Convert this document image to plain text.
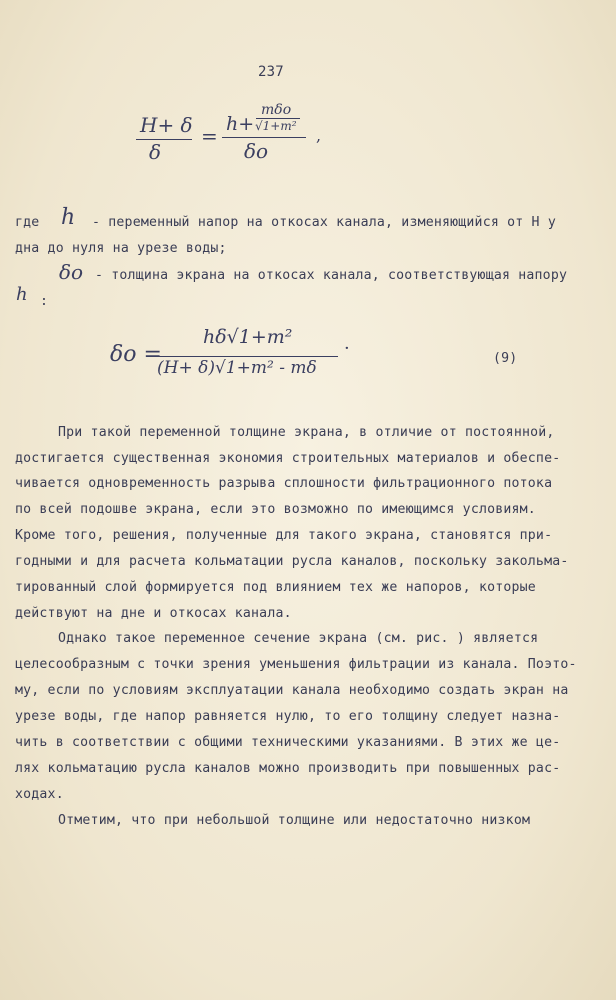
237
H+ δ
δ
= h+
mδo
√1+m²
δo
,
где h - переменный напор на откосах канала, изменяющийся от Н у
дна до нуля на урезе воды;
δo - толщина экрана на откосах канала, соответствующая напору
h :
δo =
hδ√1+m²
(H+ δ)√1+m² - mδ
·	(9)
При такой переменной толщине экрана, в отличие от постоянной,
достигается существенная экономия строительных материалов и обеспе-
чивается одновременность разрыва сплошности фильтрационного потока
по всей подошве экрана, если это возможно по имеющимся условиям.
Кроме того, решения, полученные для такого экрана, становятся при-
годными и для расчета кольматации русла каналов, поскольку закольма-
тированный слой формируется под влиянием тех же напоров, которые
действуют на дне и откосах канала.
Однако такое переменное сечение экрана (см. рис. ) является
целесообразным с точки зрения уменьшения фильтрации из канала. Поэто-
му, если по условиям эксплуатации канала необходимо создать экран на
урезе воды, где напор равняется нулю, то его толщину следует назна-
чить в соответствии с общими техническими указаниями. В этих же це-
лях кольматацию русла каналов можно производить при повышенных рас-
ходах.
Отметим, что при небольшой толщине или недостаточно низком
